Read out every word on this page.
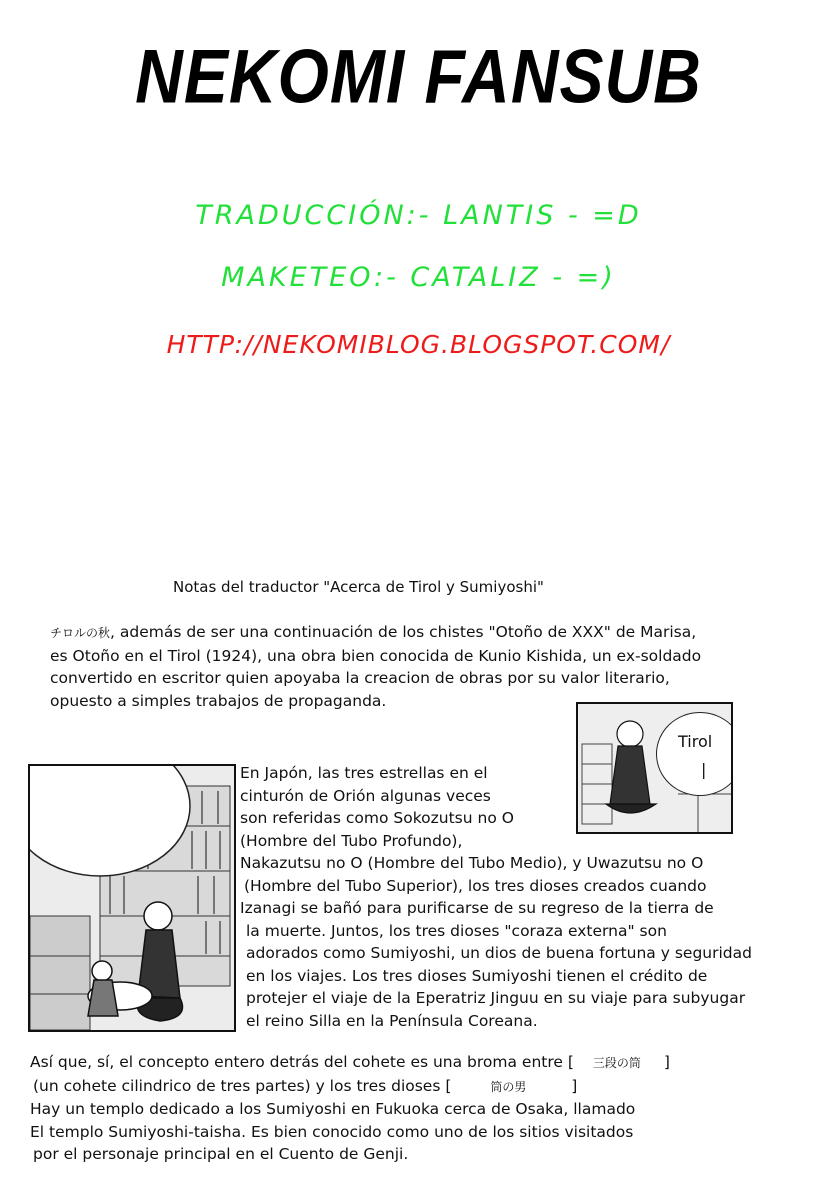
NEKOMI FANSUB
TRADUCCIÓN:- LANTIS - =D
MAKETEO:- CATALIZ - =)
HTTP://NEKOMIBLOG.BLOGSPOT.COM/
Notas del traductor "Acerca de Tirol y Sumiyoshi"
チロルの秋, además de ser una continuación de los chistes "Otoño de XXX" de Marisa,
es Otoño en el Tirol (1924), una obra bien conocida de Kunio Kishida, un ex-soldado
convertido en escritor quien apoyaba la creacion de obras por su valor literario,
opuesto a simples trabajos de propaganda.
Tirol
|
En Japón, las tres estrellas en el
cinturón de Orión algunas veces
son referidas como Sokozutsu no O
(Hombre del Tubo Profundo),
Nakazutsu no O (Hombre del Tubo Medio), y Uwazutsu no O
(Hombre del Tubo Superior), los tres dioses creados cuando
Izanagi se bañó para purificarse de su regreso de la tierra de
la muerte. Juntos, los tres dioses "coraza externa" son
adorados como Sumiyoshi, un dios de buena fortuna y seguridad
en los viajes. Los tres dioses Sumiyoshi tienen el crédito de
protejer el viaje de la Eperatriz Jinguu en su viaje para subyugar
el reino Silla en la Península Coreana.
Así que, sí, el concepto entero detrás del cohete es una broma entre [ 三段の筒 ]
(un cohete cilindrico de tres partes) y los tres dioses [	筒の男	]
Hay un templo dedicado a los Sumiyoshi en Fukuoka cerca de Osaka, llamado
El templo Sumiyoshi-taisha. Es bien conocido como uno de los sitios visitados
por el personaje principal en el Cuento de Genji.
